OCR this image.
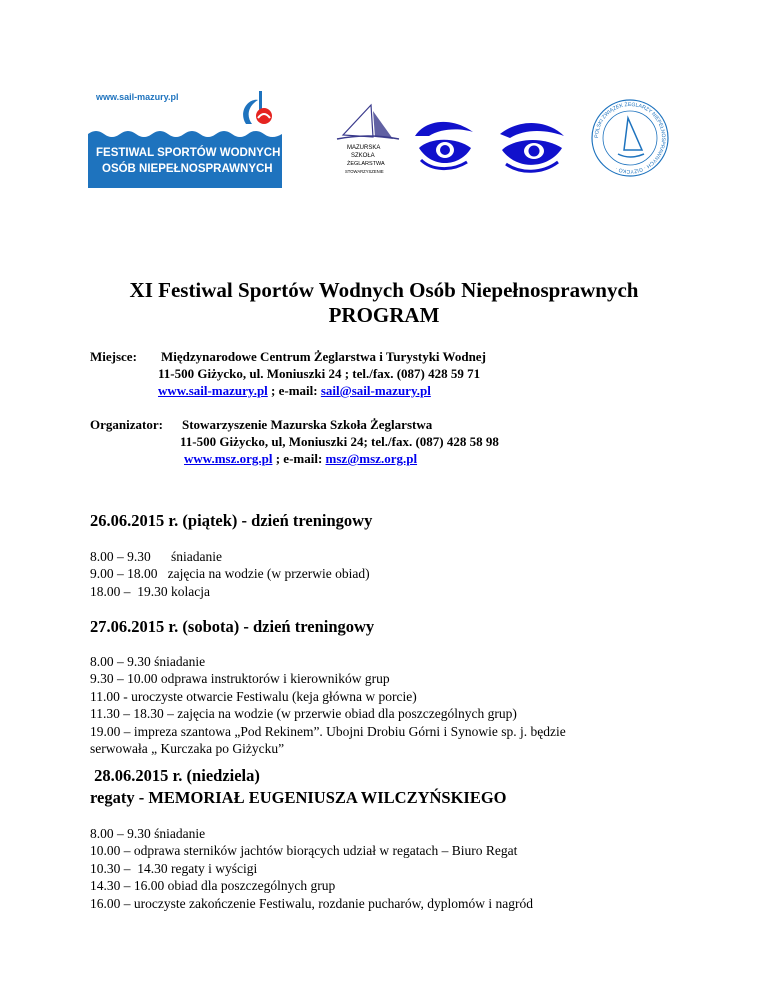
www.sail-mazury.pl
FESTIWAL SPORTÓW WODNYCH
OSÓB NIEPEŁNOSPRAWNYCH
MAZURSKA
SZKOŁA
ŻEGLARSTWA
STOWARZYSZENIE
POLSKI ZWIĄZEK ŻEGLARZY NIEPEŁNOSPRAWNYCH · GIŻYCKO ·
XI Festiwal Sportów Wodnych Osób Niepełnosprawnych
PROGRAM
Miejsce: Międzynarodowe Centrum Żeglarstwa i Turystyki Wodnej
11-500 Giżycko, ul. Moniuszki 24 ; tel./fax. (087) 428 59 71
www.sail-mazury.pl ; e-mail: sail@sail-mazury.pl
Organizator: Stowarzyszenie Mazurska Szkoła Żeglarstwa
11-500 Giżycko, ul, Moniuszki 24; tel./fax. (087) 428 58 98
www.msz.org.pl ; e-mail: msz@msz.org.pl
26.06.2015 r. (piątek) - dzień treningowy
8.00 – 9.30      śniadanie
9.00 – 18.00   zajęcia na wodzie (w przerwie obiad)
18.00 –  19.30 kolacja
27.06.2015 r. (sobota) - dzień treningowy
8.00 – 9.30 śniadanie
9.30 – 10.00 odprawa instruktorów i kierowników grup
11.00 - uroczyste otwarcie Festiwalu (keja główna w porcie)
11.30 – 18.30 – zajęcia na wodzie (w przerwie obiad dla poszczególnych grup)
19.00 – impreza szantowa „Pod Rekinem”. Ubojni Drobiu Górni i Synowie sp. j. będzie
serwowała „ Kurczaka po Giżycku”
28.06.2015 r. (niedziela)
regaty - MEMORIAŁ EUGENIUSZA WILCZYŃSKIEGO
8.00 – 9.30 śniadanie
10.00 – odprawa sterników jachtów biorących udział w regatach – Biuro Regat
10.30 –  14.30 regaty i wyścigi
14.30 – 16.00 obiad dla poszczególnych grup
16.00 – uroczyste zakończenie Festiwalu, rozdanie pucharów, dyplomów i nagród
